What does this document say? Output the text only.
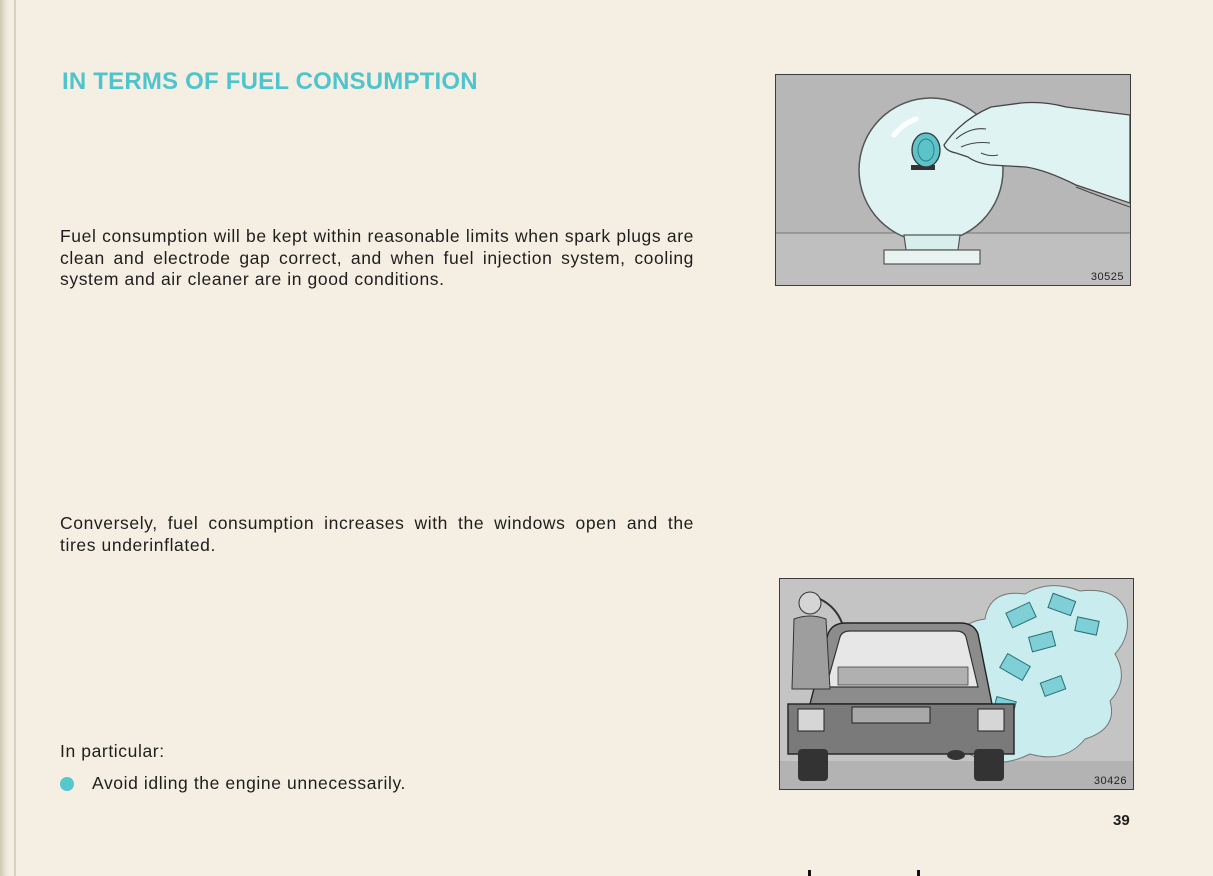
IN TERMS OF FUEL CONSUMPTION

Fuel consumption will be kept within reasonable limits when spark plugs are clean and electrode gap correct, and when fuel injection system, cooling system and air cleaner are in good conditions.

Conversely, fuel consumption increases with the windows open and the tires underinflated.

In particular:

Avoid idling the engine unnecessarily.
30525
30426

39
